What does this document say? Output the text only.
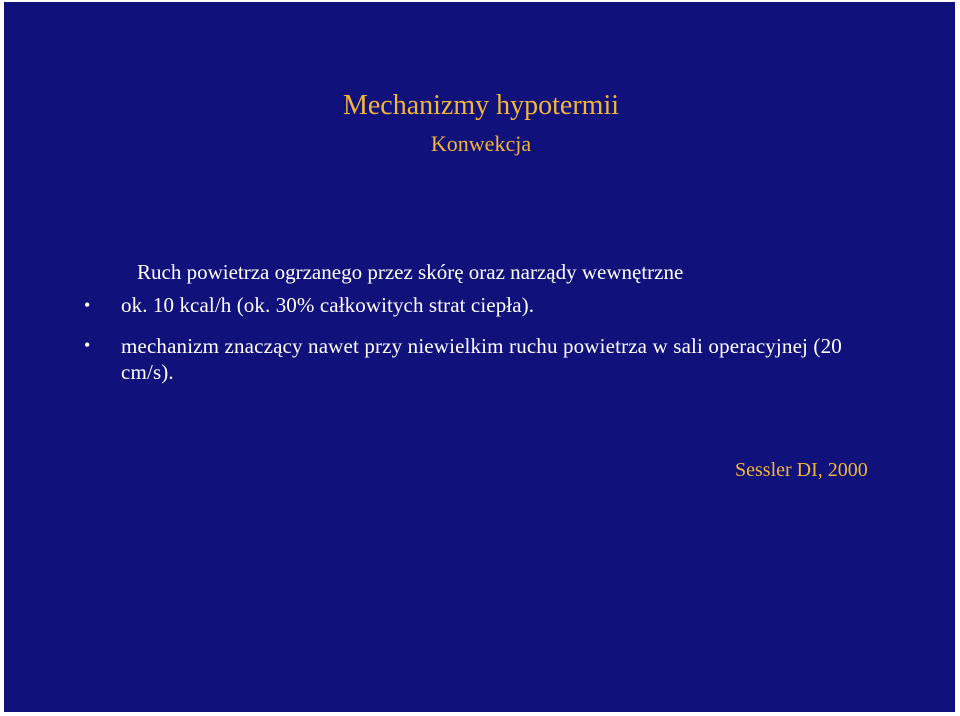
Mechanizmy hypotermii
Konwekcja
Ruch powietrza ogrzanego przez skórę oraz narządy wewnętrzne
• ok. 10 kcal/h (ok. 30% całkowitych strat ciepła).
• mechanizm znaczący nawet przy niewielkim ruchu powietrza w sali operacyjnej (20 cm/s).
Sessler DI, 2000
